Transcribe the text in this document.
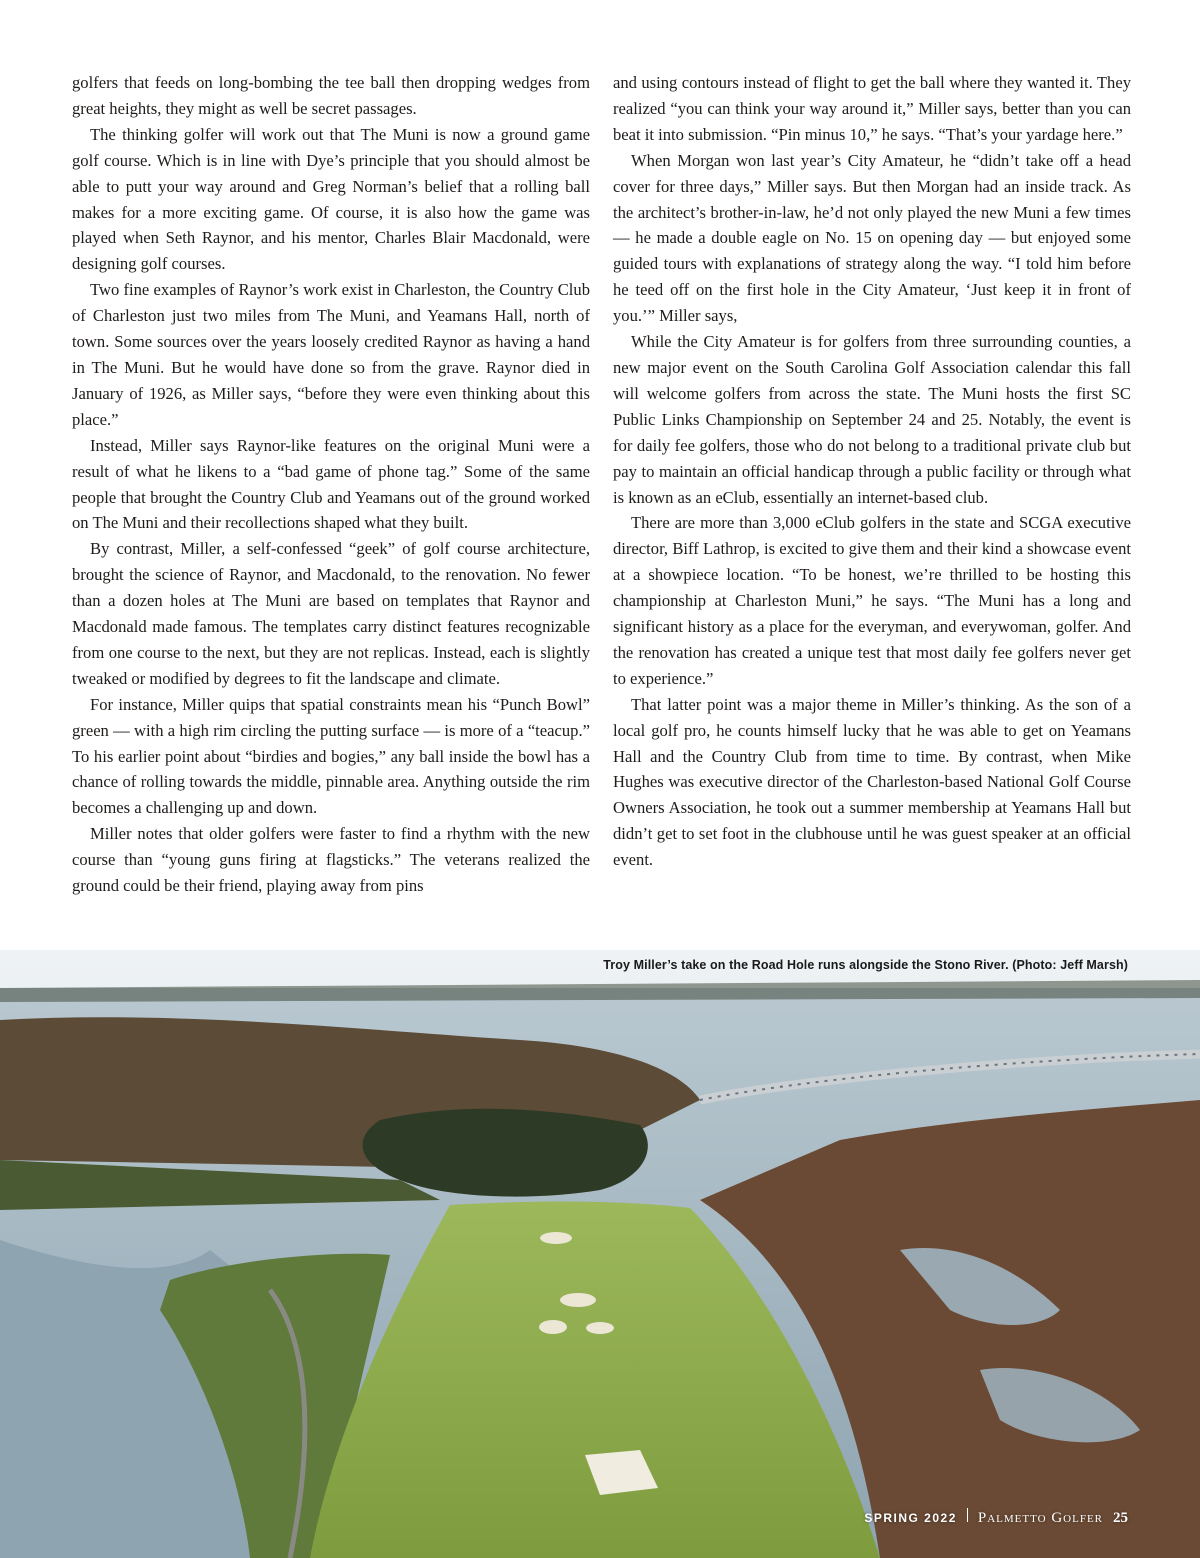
golfers that feeds on long-bombing the tee ball then dropping wedges from great heights, they might as well be secret passages.

The thinking golfer will work out that The Muni is now a ground game golf course. Which is in line with Dye’s principle that you should almost be able to putt your way around and Greg Norman’s belief that a rolling ball makes for a more exciting game. Of course, it is also how the game was played when Seth Raynor, and his mentor, Charles Blair Macdonald, were designing golf courses.

Two fine examples of Raynor’s work exist in Charleston, the Country Club of Charleston just two miles from The Muni, and Yeamans Hall, north of town. Some sources over the years loosely credited Raynor as having a hand in The Muni. But he would have done so from the grave. Raynor died in January of 1926, as Miller says, “before they were even thinking about this place.”

Instead, Miller says Raynor-like features on the original Muni were a result of what he likens to a “bad game of phone tag.” Some of the same people that brought the Country Club and Yeamans out of the ground worked on The Muni and their recollections shaped what they built.

By contrast, Miller, a self-confessed “geek” of golf course architecture, brought the science of Raynor, and Macdonald, to the renovation. No fewer than a dozen holes at The Muni are based on templates that Raynor and Macdonald made famous. The templates carry distinct features recognizable from one course to the next, but they are not replicas. Instead, each is slightly tweaked or modified by degrees to fit the landscape and climate.

For instance, Miller quips that spatial constraints mean his “Punch Bowl” green — with a high rim circling the putting surface — is more of a “teacup.” To his earlier point about “birdies and bogies,” any ball inside the bowl has a chance of rolling towards the middle, pinnable area. Anything outside the rim becomes a challenging up and down.

Miller notes that older golfers were faster to find a rhythm with the new course than “young guns firing at flagsticks.” The veterans realized the ground could be their friend, playing away from pins

and using contours instead of flight to get the ball where they wanted it. They realized “you can think your way around it,” Miller says, better than you can beat it into submission. “Pin minus 10,” he says. “That’s your yardage here.”

When Morgan won last year’s City Amateur, he “didn’t take off a head cover for three days,” Miller says. But then Morgan had an inside track. As the architect’s brother-in-law, he’d not only played the new Muni a few times — he made a double eagle on No. 15 on opening day — but enjoyed some guided tours with explanations of strategy along the way. “I told him before he teed off on the first hole in the City Amateur, ‘Just keep it in front of you.’” Miller says,

While the City Amateur is for golfers from three surrounding counties, a new major event on the South Carolina Golf Association calendar this fall will welcome golfers from across the state. The Muni hosts the first SC Public Links Championship on September 24 and 25. Notably, the event is for daily fee golfers, those who do not belong to a traditional private club but pay to maintain an official handicap through a public facility or through what is known as an eClub, essentially an internet-based club.

There are more than 3,000 eClub golfers in the state and SCGA executive director, Biff Lathrop, is excited to give them and their kind a showcase event at a showpiece location. “To be honest, we’re thrilled to be hosting this championship at Charleston Muni,” he says. “The Muni has a long and significant history as a place for the everyman, and everywoman, golfer. And the renovation has created a unique test that most daily fee golfers never get to experience.”

That latter point was a major theme in Miller’s thinking. As the son of a local golf pro, he counts himself lucky that he was able to get on Yeamans Hall and the Country Club from time to time. By contrast, when Mike Hughes was executive director of the Charleston-based National Golf Course Owners Association, he took out a summer membership at Yeamans Hall but didn’t get to set foot in the clubhouse until he was guest speaker at an official event.

Troy Miller’s take on the Road Hole runs alongside the Stono River. (Photo: Jeff Marsh)
SPRING 2022 Palmetto Golfer 25
